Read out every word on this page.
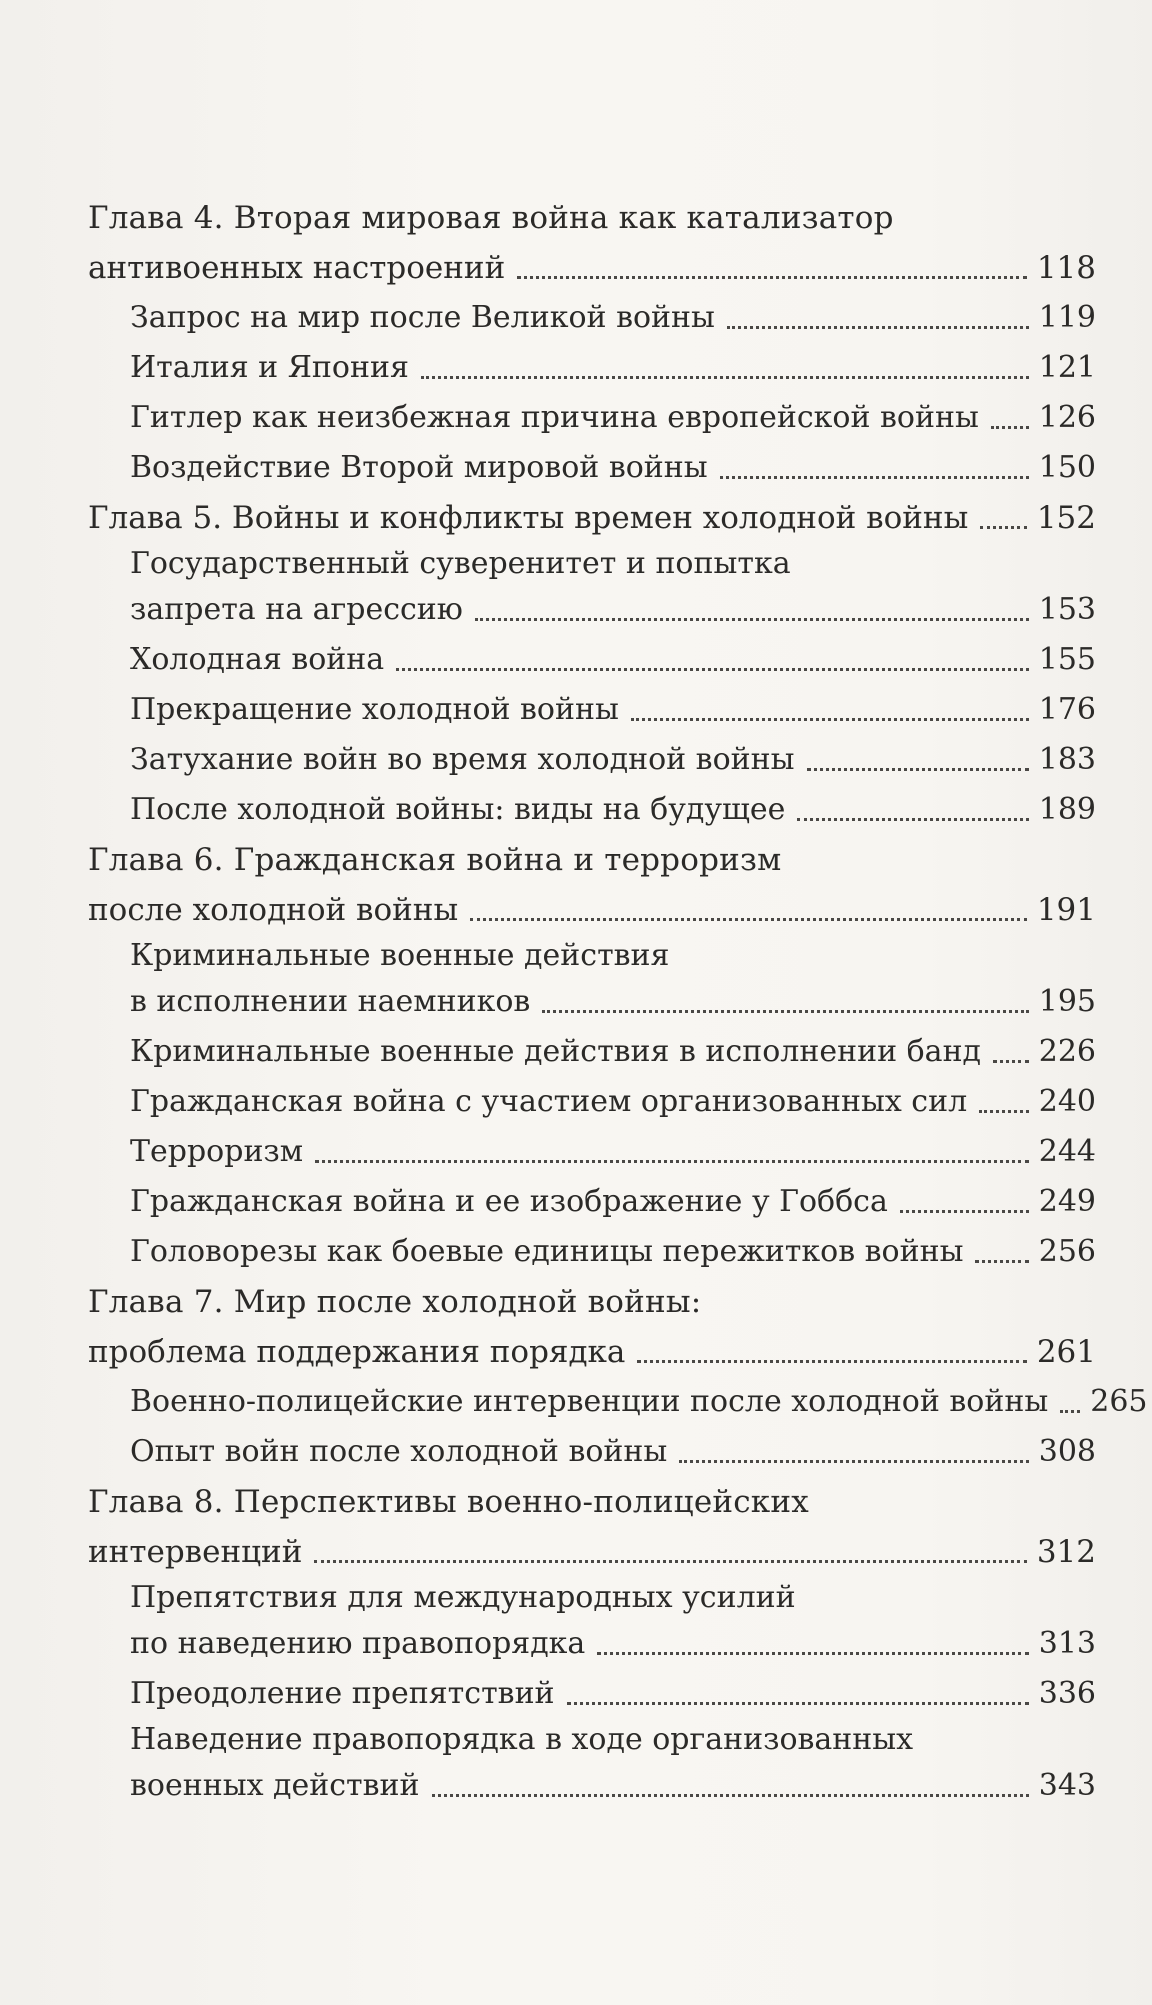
Глава 4. Вторая мировая война как катализатор
антивоенных настроений	118
Запрос на мир после Великой войны	119
Италия и Япония	121
Гитлер как неизбежная причина европейской войны 126
Воздействие Второй мировой войны	150
Глава 5. Войны и конфликты времен холодной войны 152
Государственный суверенитет и попытка
запрета на агрессию	153
Холодная война	155
Прекращение холодной войны	176
Затухание войн во время холодной войны	183
После холодной войны: виды на будущее	189
Глава 6. Гражданская война и терроризм
после холодной войны	191
Криминальные военные действия
в исполнении наемников	195
Криминальные военные действия в исполнении банд 226
Гражданская война с участием организованных сил 240
Терроризм	244
Гражданская война и ее изображение у Гоббса	249
Головорезы как боевые единицы пережитков войны	256
Глава 7. Мир после холодной войны:
проблема поддержания порядка	261
Военно-полицейские интервенции после холодной войны 265
Опыт войн после холодной войны	308
Глава 8. Перспективы военно-полицейских
интервенций	312
Препятствия для международных усилий
по наведению правопорядка	313
Преодоление препятствий	336
Наведение правопорядка в ходе организованных
военных действий	343
